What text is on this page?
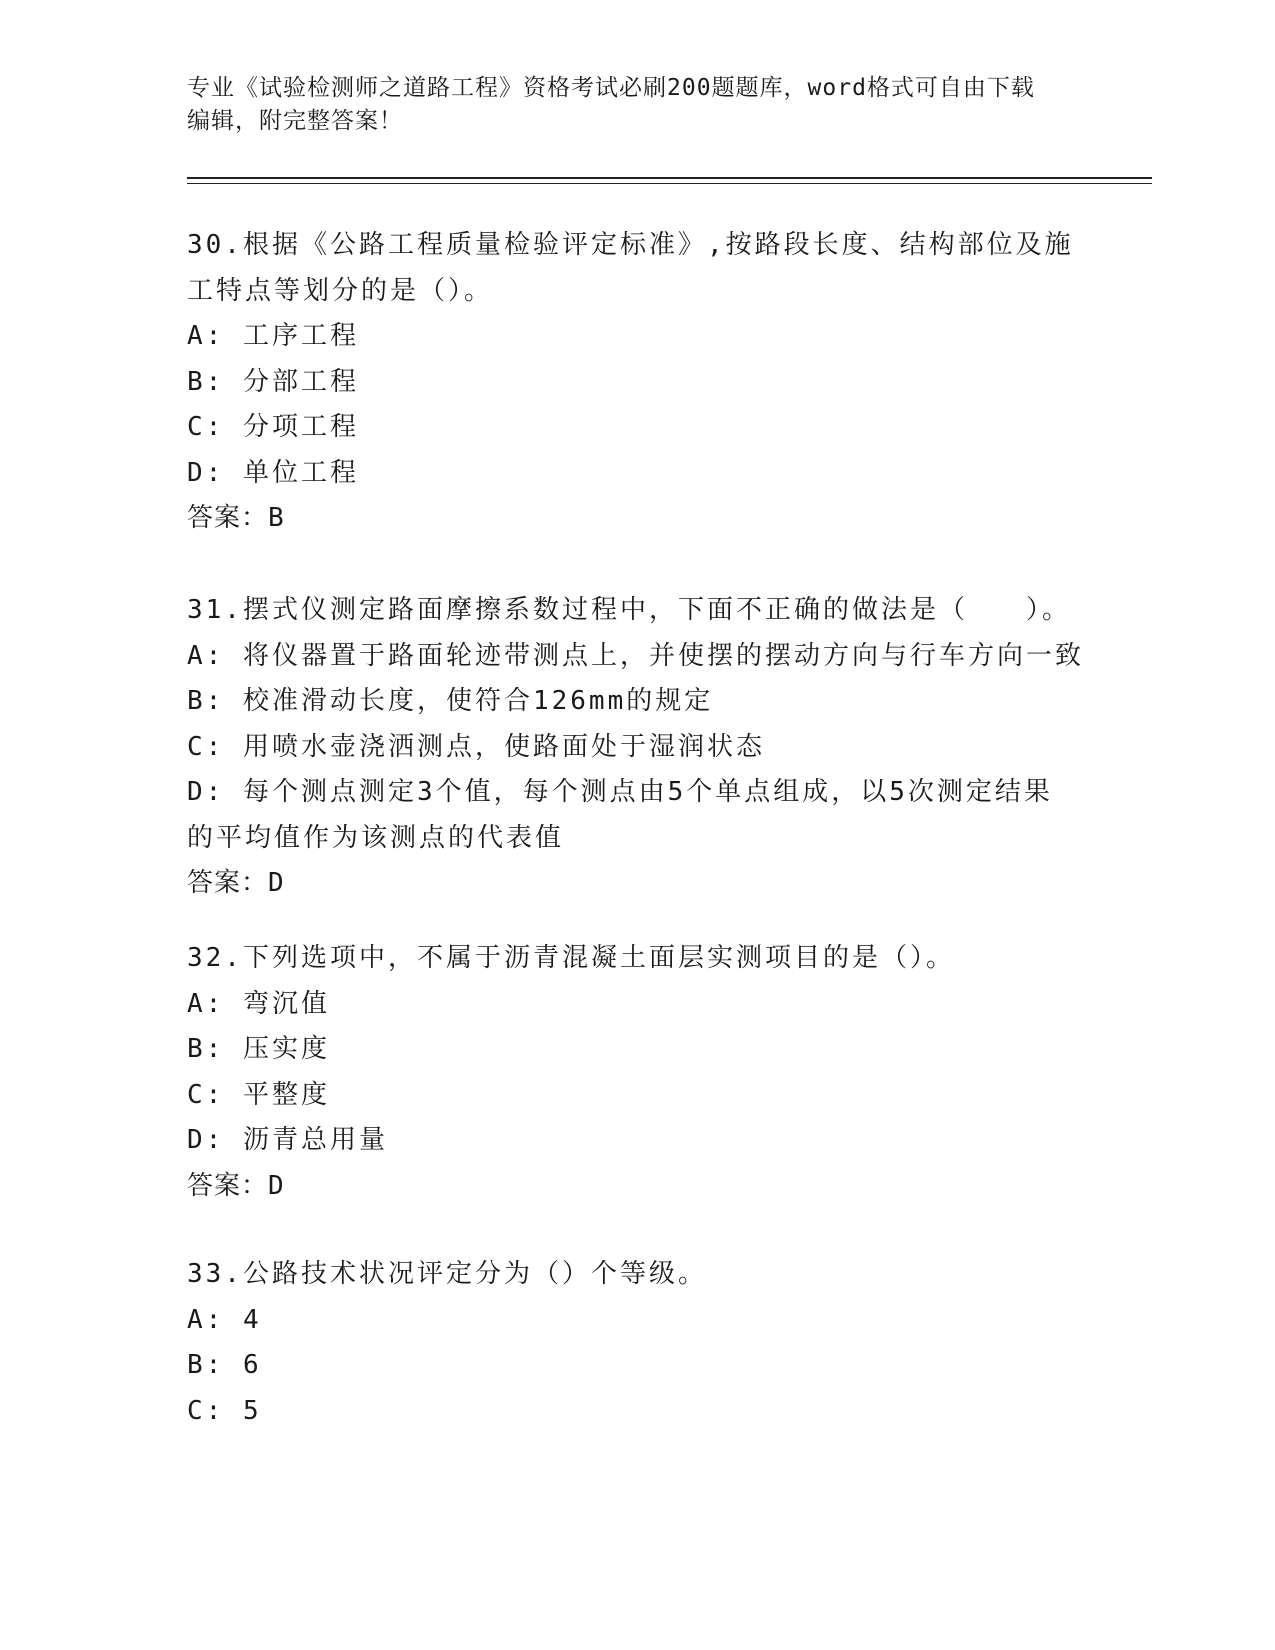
专业《试验检测师之道路工程》资格考试必刷200题题库，word格式可自由下载
编辑，附完整答案！
30.根据《公路工程质量检验评定标准》,按路段长度、结构部位及施
工特点等划分的是（）。
A: 工序工程
B: 分部工程
C: 分项工程
D: 单位工程
答案：B
31.摆式仪测定路面摩擦系数过程中，下面不正确的做法是（　　）。
A: 将仪器置于路面轮迹带测点上，并使摆的摆动方向与行车方向一致
B: 校准滑动长度，使符合126mm的规定
C: 用喷水壶浇洒测点，使路面处于湿润状态
D: 每个测点测定3个值，每个测点由5个单点组成，以5次测定结果
的平均值作为该测点的代表值
答案：D
32.下列选项中，不属于沥青混凝土面层实测项目的是（）。
A: 弯沉值
B: 压实度
C: 平整度
D: 沥青总用量
答案：D
33.公路技术状况评定分为（）个等级。
A: 4
B: 6
C: 5
